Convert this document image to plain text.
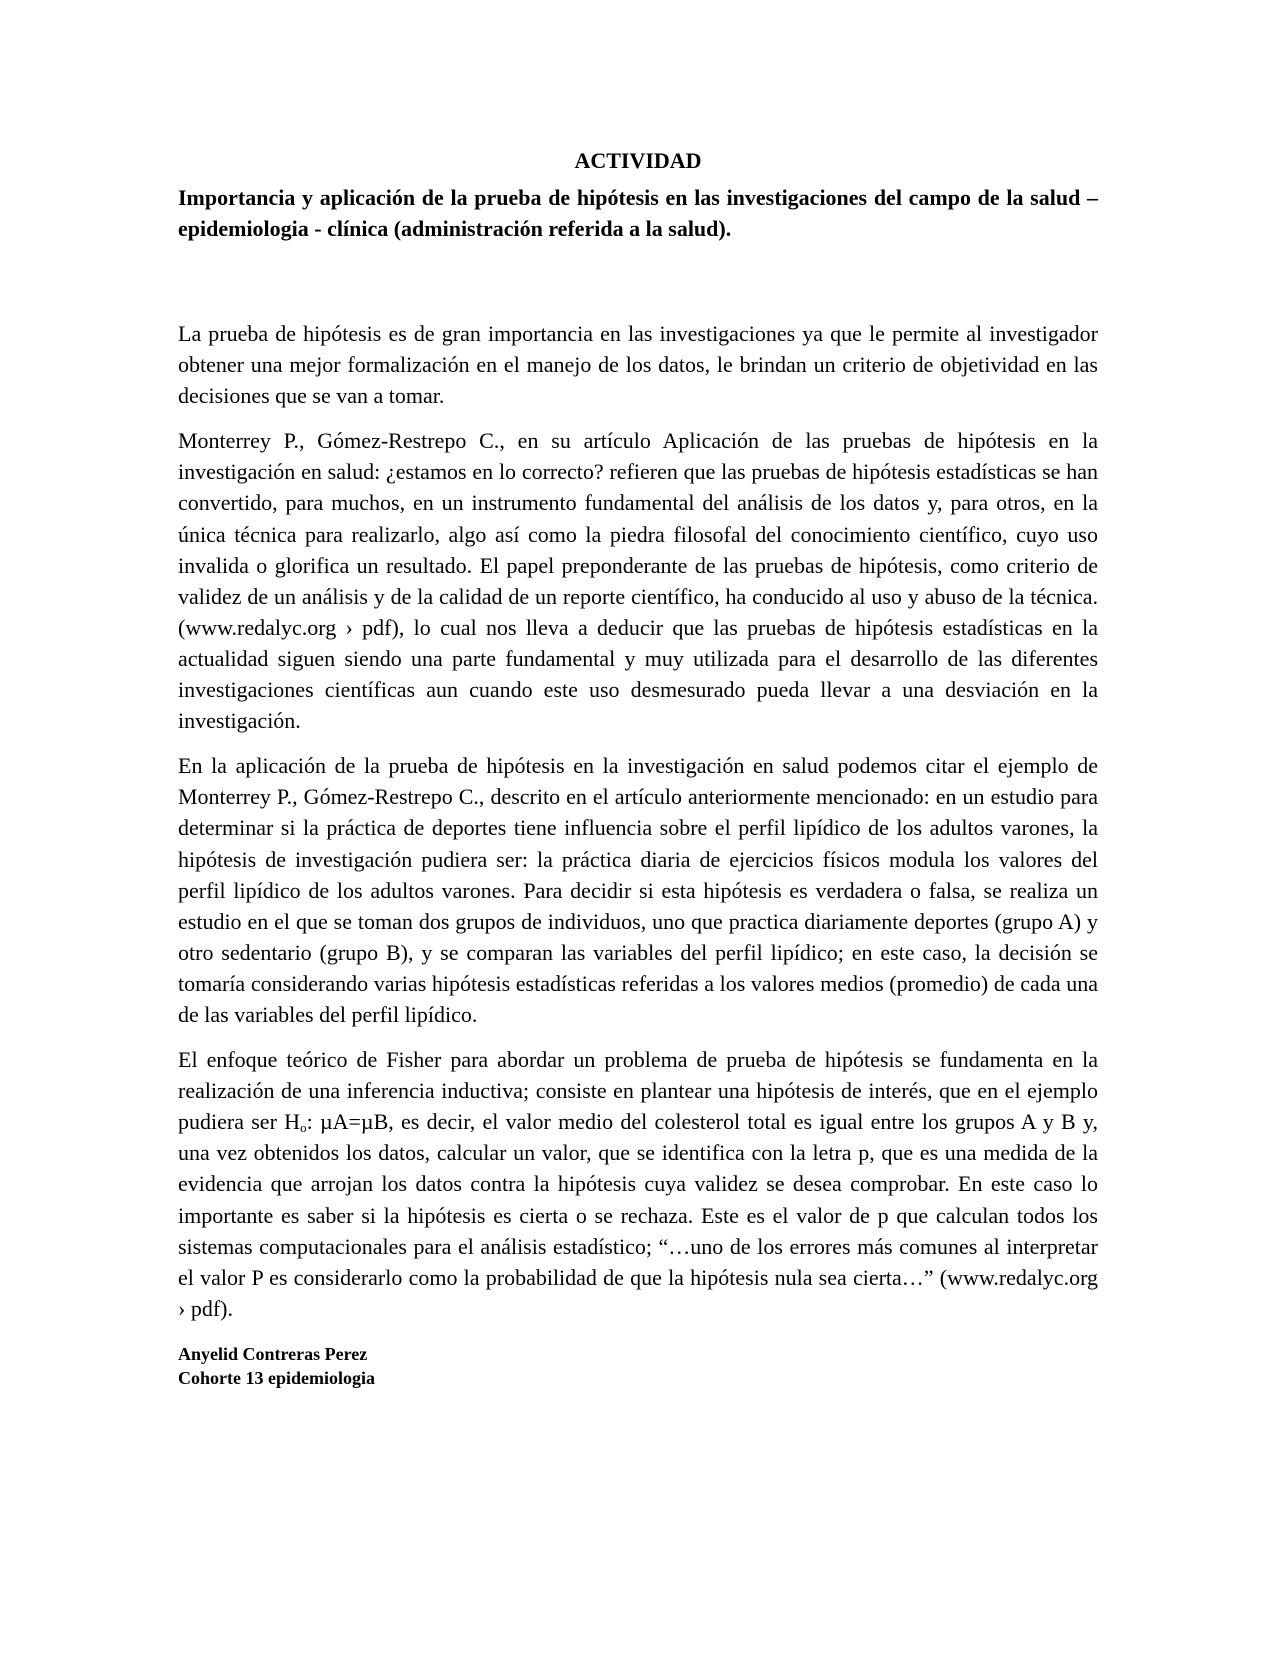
ACTIVIDAD
Importancia y aplicación de la prueba de hipótesis en las investigaciones del campo de la salud – epidemiologia - clínica (administración referida a la salud).

La prueba de hipótesis es de gran importancia en las investigaciones ya que le permite al investigador obtener una mejor formalización en el manejo de los datos, le brindan un criterio de objetividad en las decisiones que se van a tomar.

Monterrey P., Gómez-Restrepo C., en su artículo Aplicación de las pruebas de hipótesis en la investigación en salud: ¿estamos en lo correcto? refieren que las pruebas de hipótesis estadísticas se han convertido, para muchos, en un instrumento fundamental del análisis de los datos y, para otros, en la única técnica para realizarlo, algo así como la piedra filosofal del conocimiento científico, cuyo uso invalida o glorifica un resultado. El papel preponderante de las pruebas de hipótesis, como criterio de validez de un análisis y de la calidad de un reporte científico, ha conducido al uso y abuso de la técnica. (www.redalyc.org › pdf), lo cual nos lleva a deducir que las pruebas de hipótesis estadísticas en la actualidad siguen siendo una parte fundamental y muy utilizada para el desarrollo de las diferentes investigaciones científicas aun cuando este uso desmesurado pueda llevar a una desviación en la investigación.

En la aplicación de la prueba de hipótesis en la investigación en salud podemos citar el ejemplo de Monterrey P., Gómez-Restrepo C., descrito en el artículo anteriormente mencionado: en un estudio para determinar si la práctica de deportes tiene influencia sobre el perfil lipídico de los adultos varones, la hipótesis de investigación pudiera ser: la práctica diaria de ejercicios físicos modula los valores del perfil lipídico de los adultos varones. Para decidir si esta hipótesis es verdadera o falsa, se realiza un estudio en el que se toman dos grupos de individuos, uno que practica diariamente deportes (grupo A) y otro sedentario (grupo B), y se comparan las variables del perfil lipídico; en este caso, la decisión se tomaría considerando varias hipótesis estadísticas referidas a los valores medios (promedio) de cada una de las variables del perfil lipídico.

El enfoque teórico de Fisher para abordar un problema de prueba de hipótesis se fundamenta en la realización de una inferencia inductiva; consiste en plantear una hipótesis de interés, que en el ejemplo pudiera ser $H_o$: µA=µB, es decir, el valor medio del colesterol total es igual entre los grupos A y B y, una vez obtenidos los datos, calcular un valor, que se identifica con la letra p, que es una medida de la evidencia que arrojan los datos contra la hipótesis cuya validez se desea comprobar. En este caso lo importante es saber si la hipótesis es cierta o se rechaza. Este es el valor de p que calculan todos los sistemas computacionales para el análisis estadístico; “…uno de los errores más comunes al interpretar el valor P es considerarlo como la probabilidad de que la hipótesis nula sea cierta…” (www.redalyc.org › pdf).

Anyelid Contreras Perez
Cohorte 13 epidemiologia
